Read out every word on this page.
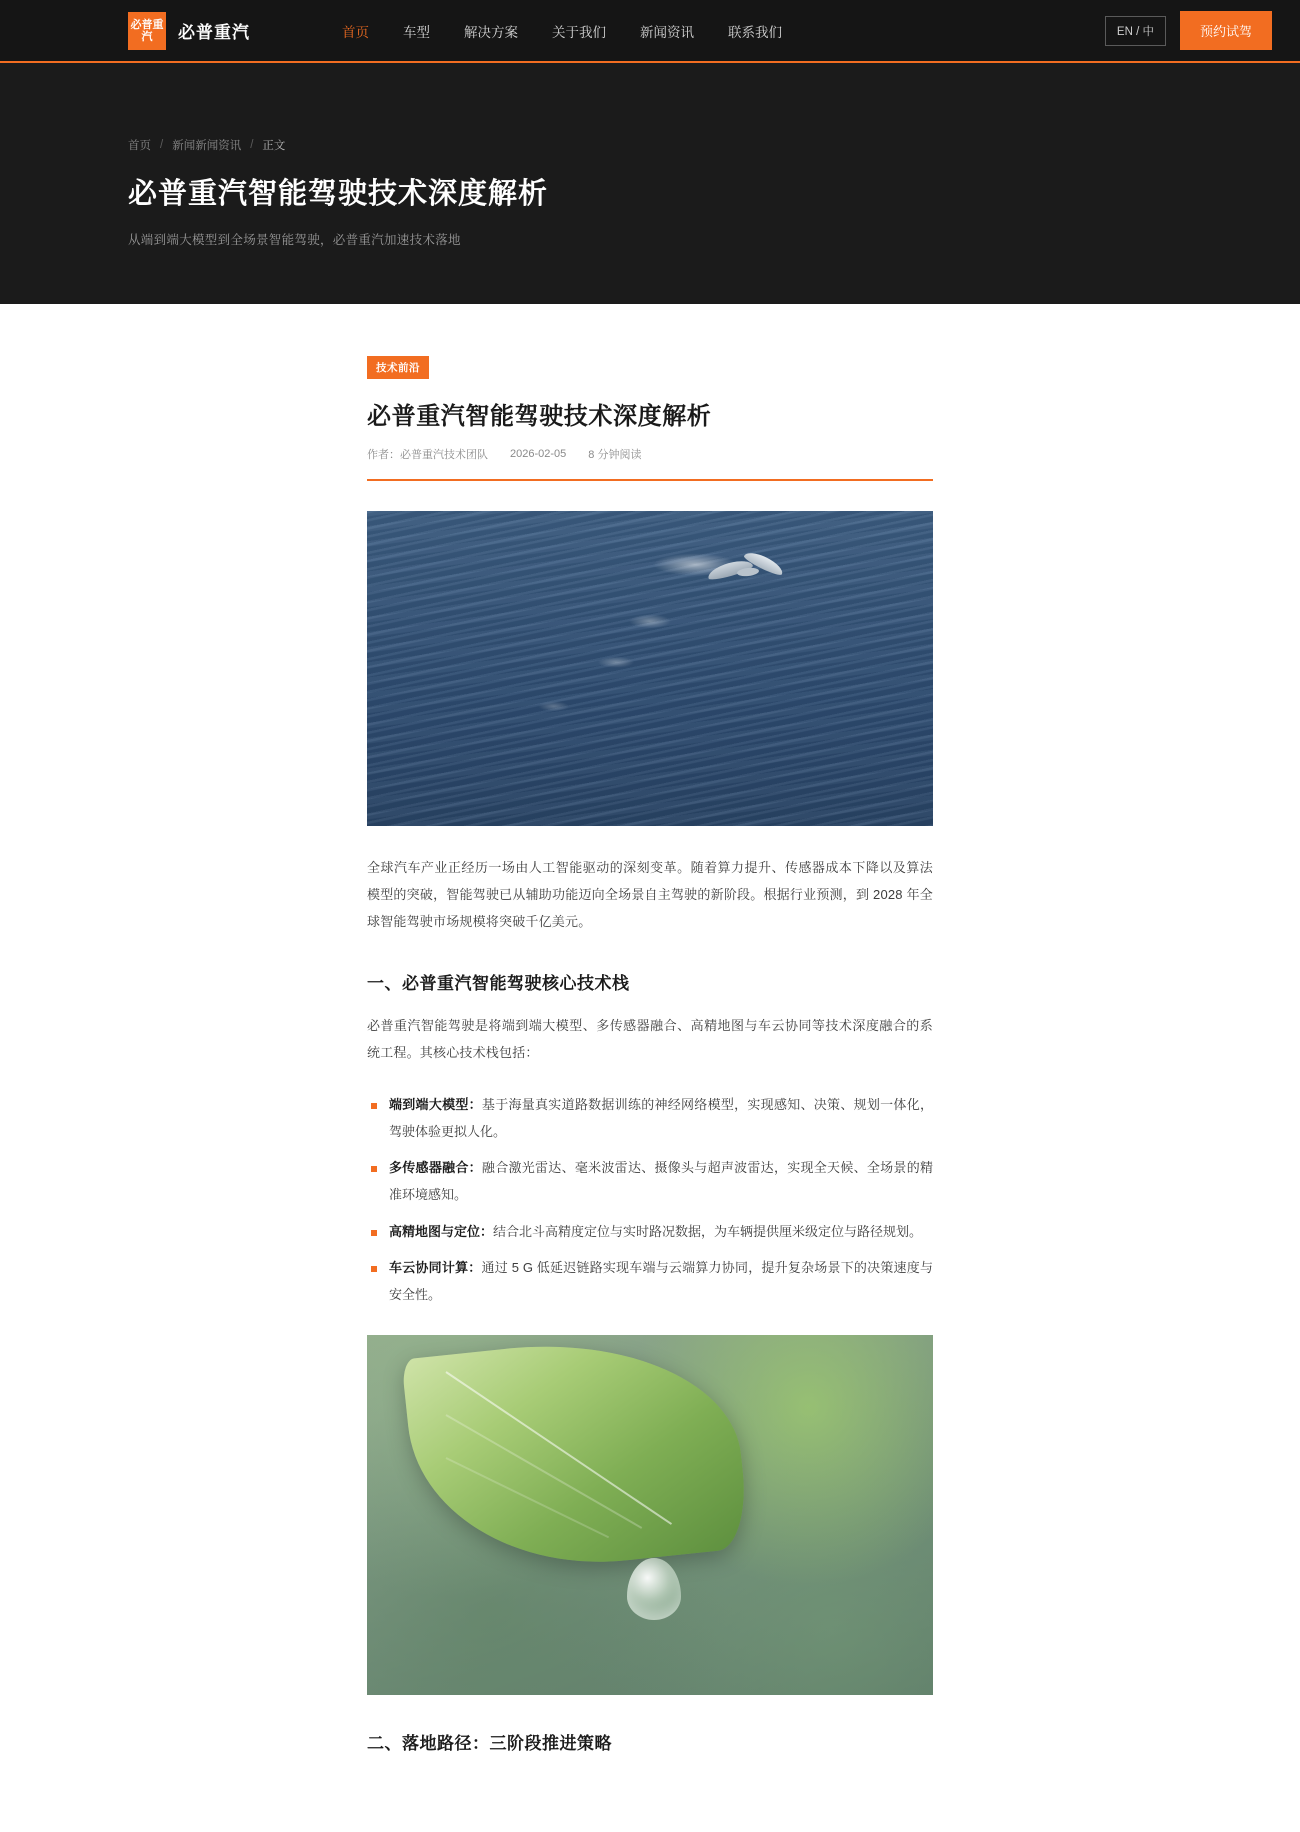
必普重汽	必普重汽	首页	车型	解决方案	关于我们	新闻资讯	联系我们	EN / 中	预约试驾
首页 / 新闻新闻资讯 / 正文
必普重汽智能驾驶技术深度解析

从端到端大模型到全场景智能驾驶，必普重汽加速技术落地

技术前沿
必普重汽智能驾驶技术深度解析
作者：必普重汽技术团队 2026-02-05 8 分钟阅读

全球汽车产业正经历一场由人工智能驱动的深刻变革。随着算力提升、传感器成本下降以及算法模型的突破，智能驾驶已从辅助功能迈向全场景自主驾驶的新阶段。根据行业预测，到 2028 年全球智能驾驶市场规模将突破千亿美元。

一、必普重汽智能驾驶核心技术栈

必普重汽智能驾驶是将端到端大模型、多传感器融合、高精地图与车云协同等技术深度融合的系统工程。其核心技术栈包括：

端到端大模型：基于海量真实道路数据训练的神经网络模型，实现感知、决策、规划一体化，驾驶体验更拟人化。
多传感器融合：融合激光雷达、毫米波雷达、摄像头与超声波雷达，实现全天候、全场景的精准环境感知。
高精地图与定位：结合北斗高精度定位与实时路况数据，为车辆提供厘米级定位与路径规划。
车云协同计算：通过 5 G 低延迟链路实现车端与云端算力协同，提升复杂场景下的决策速度与安全性。
二、落地路径：三阶段推进策略
